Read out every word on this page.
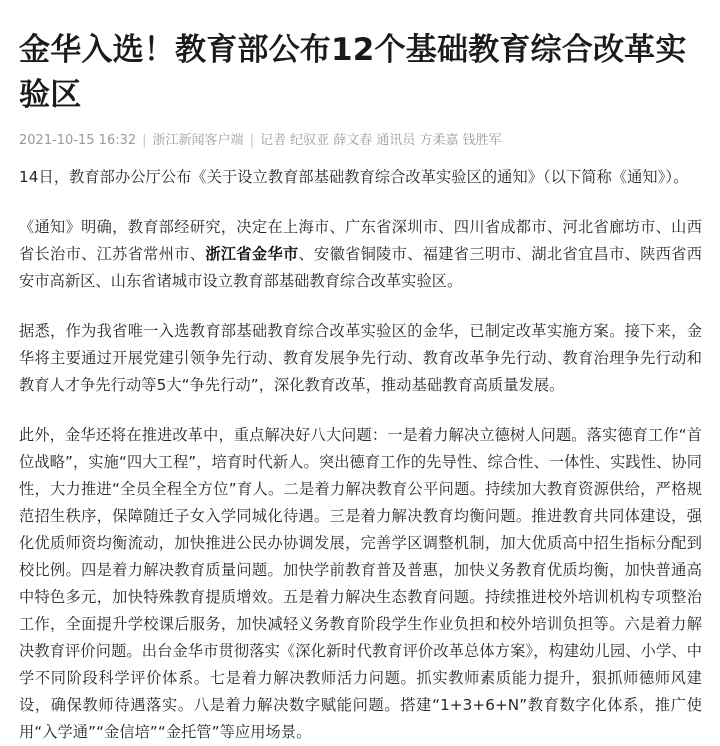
金华入选！教育部公布12个基础教育综合改革实验区
2021-10-15 16:32 | 浙江新闻客户端 | 记者 纪驭亚 薛文春 通讯员 方柔嘉 钱胜军

14日，教育部办公厅公布《关于设立教育部基础教育综合改革实验区的通知》（以下简称《通知》）。

《通知》明确，教育部经研究，决定在上海市、广东省深圳市、四川省成都市、河北省廊坊市、山西省长治市、江苏省常州市、浙江省金华市、安徽省铜陵市、福建省三明市、湖北省宜昌市、陕西省西安市高新区、山东省诸城市设立教育部基础教育综合改革实验区。

据悉，作为我省唯一入选教育部基础教育综合改革实验区的金华，已制定改革实施方案。接下来，金华将主要通过开展党建引领争先行动、教育发展争先行动、教育改革争先行动、教育治理争先行动和教育人才争先行动等5大“争先行动”，深化教育改革，推动基础教育高质量发展。

此外，金华还将在推进改革中，重点解决好八大问题：一是着力解决立德树人问题。落实德育工作“首位战略”，实施“四大工程”，培育时代新人。突出德育工作的先导性、综合性、一体性、实践性、协同性，大力推进“全员全程全方位”育人。二是着力解决教育公平问题。持续加大教育资源供给，严格规范招生秩序，保障随迁子女入学同城化待遇。三是着力解决教育均衡问题。推进教育共同体建设，强化优质师资均衡流动，加快推进公民办协调发展，完善学区调整机制，加大优质高中招生指标分配到校比例。四是着力解决教育质量问题。加快学前教育普及普惠，加快义务教育优质均衡，加快普通高中特色多元，加快特殊教育提质增效。五是着力解决生态教育问题。持续推进校外培训机构专项整治工作，全面提升学校课后服务，加快减轻义务教育阶段学生作业负担和校外培训负担等。六是着力解决教育评价问题。出台金华市贯彻落实《深化新时代教育评价改革总体方案》，构建幼儿园、小学、中学不同阶段科学评价体系。七是着力解决教师活力问题。抓实教师素质能力提升，狠抓师德师风建设，确保教师待遇落实。八是着力解决数字赋能问题。搭建“1+3+6+N”教育数字化体系，推广使用“入学通”“金信培”“金托管”等应用场景。
